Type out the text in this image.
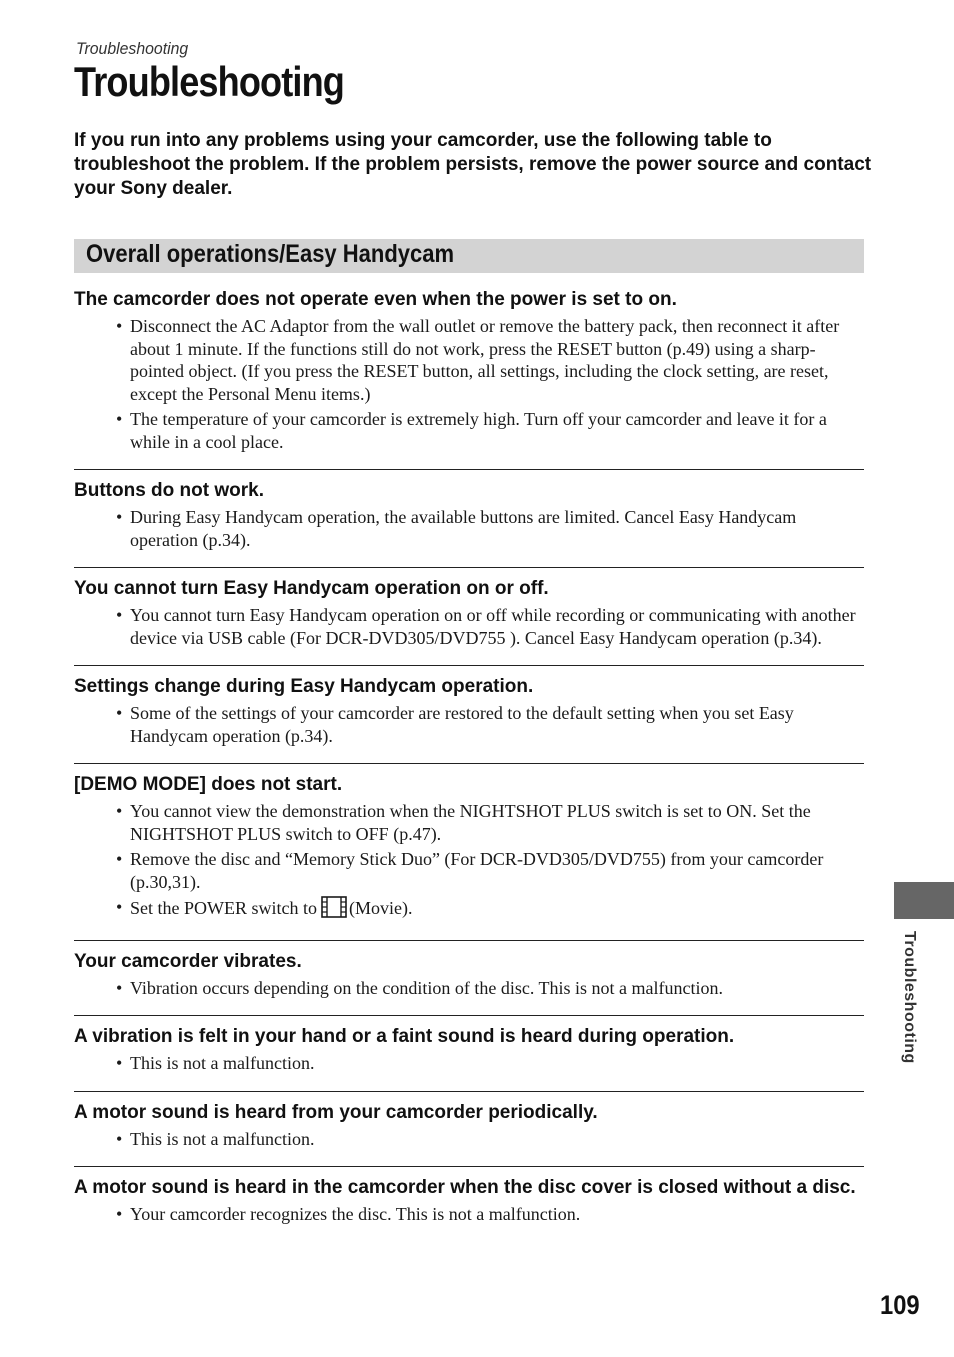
Troubleshooting
Troubleshooting

If you run into any problems using your camcorder, use the following table to troubleshoot the problem. If the problem persists, remove the power source and contact your Sony dealer.

Overall operations/Easy Handycam
The camcorder does not operate even when the power is set to on.
• Disconnect the AC Adaptor from the wall outlet or remove the battery pack, then reconnect it after about 1 minute. If the functions still do not work, press the RESET button (p.49) using a sharp-pointed object. (If you press the RESET button, all settings, including the clock setting, are reset, except the Personal Menu items.)
• The temperature of your camcorder is extremely high. Turn off your camcorder and leave it for a while in a cool place.
Buttons do not work.
• During Easy Handycam operation, the available buttons are limited. Cancel Easy Handycam operation (p.34).
You cannot turn Easy Handycam operation on or off.
• You cannot turn Easy Handycam operation on or off while recording or communicating with another device via USB cable (For DCR-DVD305/DVD755 ). Cancel Easy Handycam operation (p.34).
Settings change during Easy Handycam operation.
• Some of the settings of your camcorder are restored to the default setting when you set Easy Handycam operation (p.34).
[DEMO MODE] does not start.
• You cannot view the demonstration when the NIGHTSHOT PLUS switch is set to ON. Set the NIGHTSHOT PLUS switch to OFF (p.47).
• Remove the disc and “Memory Stick Duo” (For DCR-DVD305/DVD755) from your camcorder (p.30,31).
• Set the POWER switch to (Movie).
Your camcorder vibrates.
• Vibration occurs depending on the condition of the disc. This is not a malfunction.
A vibration is felt in your hand or a faint sound is heard during operation.
• This is not a malfunction.
A motor sound is heard from your camcorder periodically.
• This is not a malfunction.
A motor sound is heard in the camcorder when the disc cover is closed without a disc.
• Your camcorder recognizes the disc. This is not a malfunction.
Troubleshooting
109
